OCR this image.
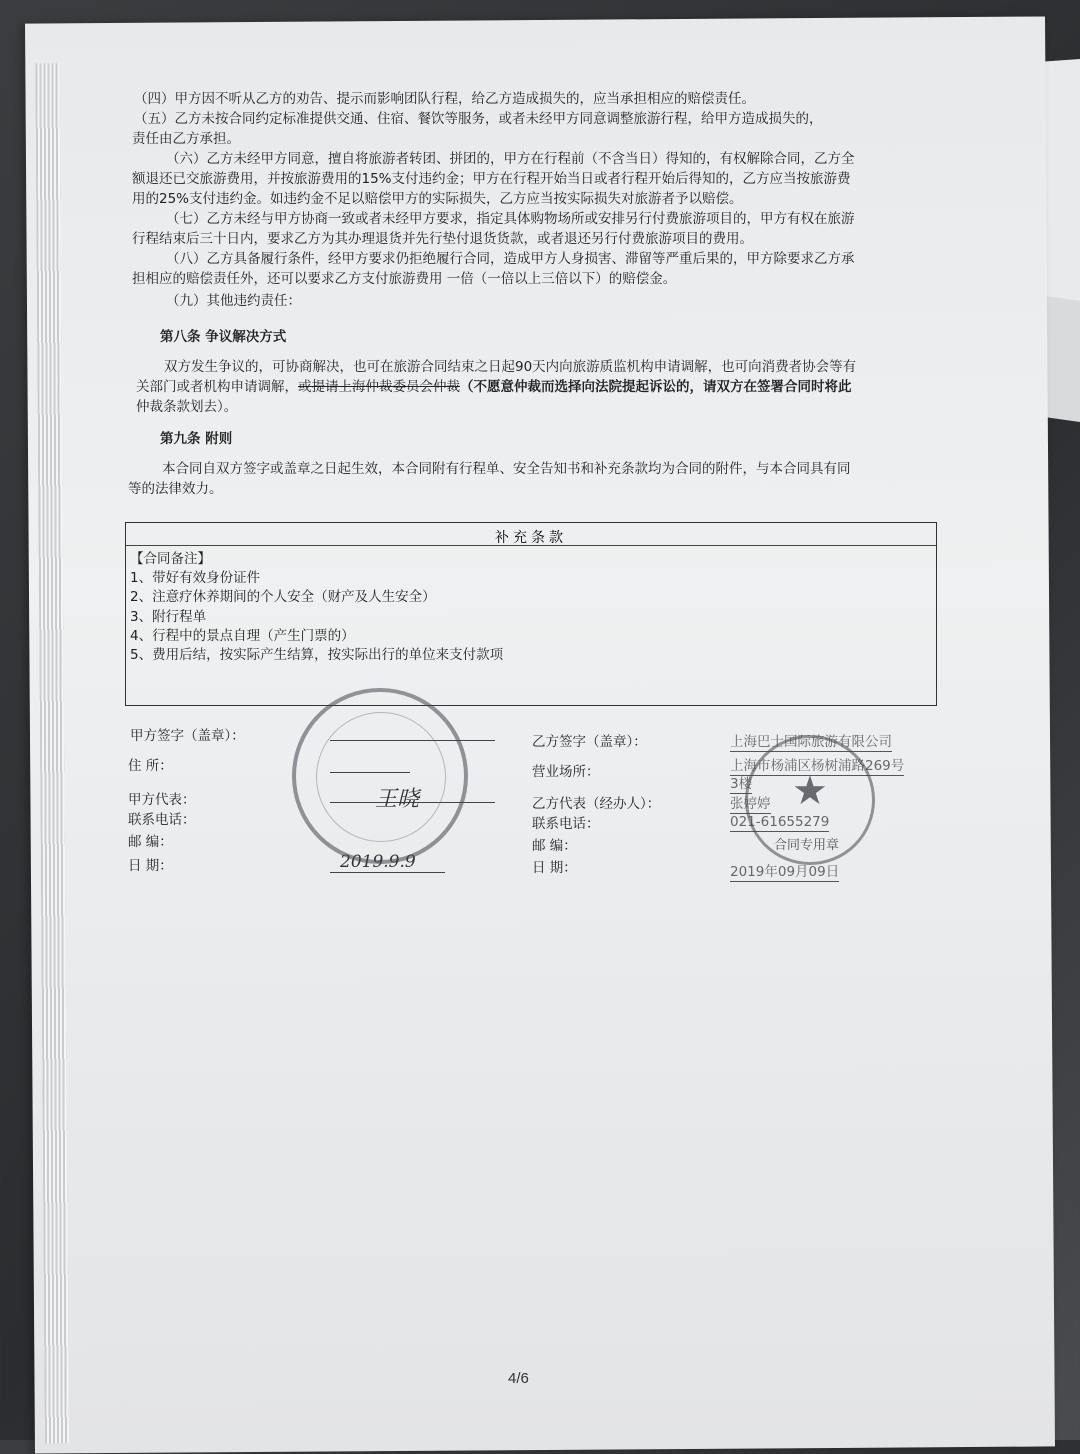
（四）甲方因不听从乙方的劝告、提示而影响团队行程，给乙方造成损失的，应当承担相应的赔偿责任。
（五）乙方未按合同约定标准提供交通、住宿、餐饮等服务，或者未经甲方同意调整旅游行程，给甲方造成损失的，
责任由乙方承担。
（六）乙方未经甲方同意，擅自将旅游者转团、拼团的，甲方在行程前（不含当日）得知的，有权解除合同，乙方全
额退还已交旅游费用，并按旅游费用的15%支付违约金；甲方在行程开始当日或者行程开始后得知的，乙方应当按旅游费
用的25%支付违约金。如违约金不足以赔偿甲方的实际损失，乙方应当按实际损失对旅游者予以赔偿。
（七）乙方未经与甲方协商一致或者未经甲方要求，指定具体购物场所或安排另行付费旅游项目的，甲方有权在旅游
行程结束后三十日内，要求乙方为其办理退货并先行垫付退货货款，或者退还另行付费旅游项目的费用。
（八）乙方具备履行条件，经甲方要求仍拒绝履行合同，造成甲方人身损害、滞留等严重后果的，甲方除要求乙方承
担相应的赔偿责任外，还可以要求乙方支付旅游费用 一倍（一倍以上三倍以下）的赔偿金。
（九）其他违约责任：
第八条 争议解决方式
双方发生争议的，可协商解决，也可在旅游合同结束之日起90天内向旅游质监机构申请调解，也可向消费者协会等有
关部门或者机构申请调解，或提请上海仲裁委员会仲裁（不愿意仲裁而选择向法院提起诉讼的，请双方在签署合同时将此
仲裁条款划去）。
第九条 附则
本合同自双方签字或盖章之日起生效，本合同附有行程单、安全告知书和补充条款均为合同的附件，与本合同具有同
等的法律效力。
补充条款
【合同备注】
1、带好有效身份证件
2、注意疗休养期间的个人安全（财产及人生安全）
3、附行程单
4、行程中的景点自理（产生门票的）
5、费用后结，按实际产生结算，按实际出行的单位来支付款项
甲方签字（盖章）：
住 所：
甲方代表：	王晓
联系电话：
邮 编：
日 期：	2019.9.9
乙方签字（盖章）：	上海巴士国际旅游有限公司
营业场所：	上海市杨浦区杨树浦路269号
3楼
乙方代表（经办人）：	张婷婷
联系电话：	021-61655279
邮 编：
日 期：	2019年09月09日
★
合同专用章
4/6
